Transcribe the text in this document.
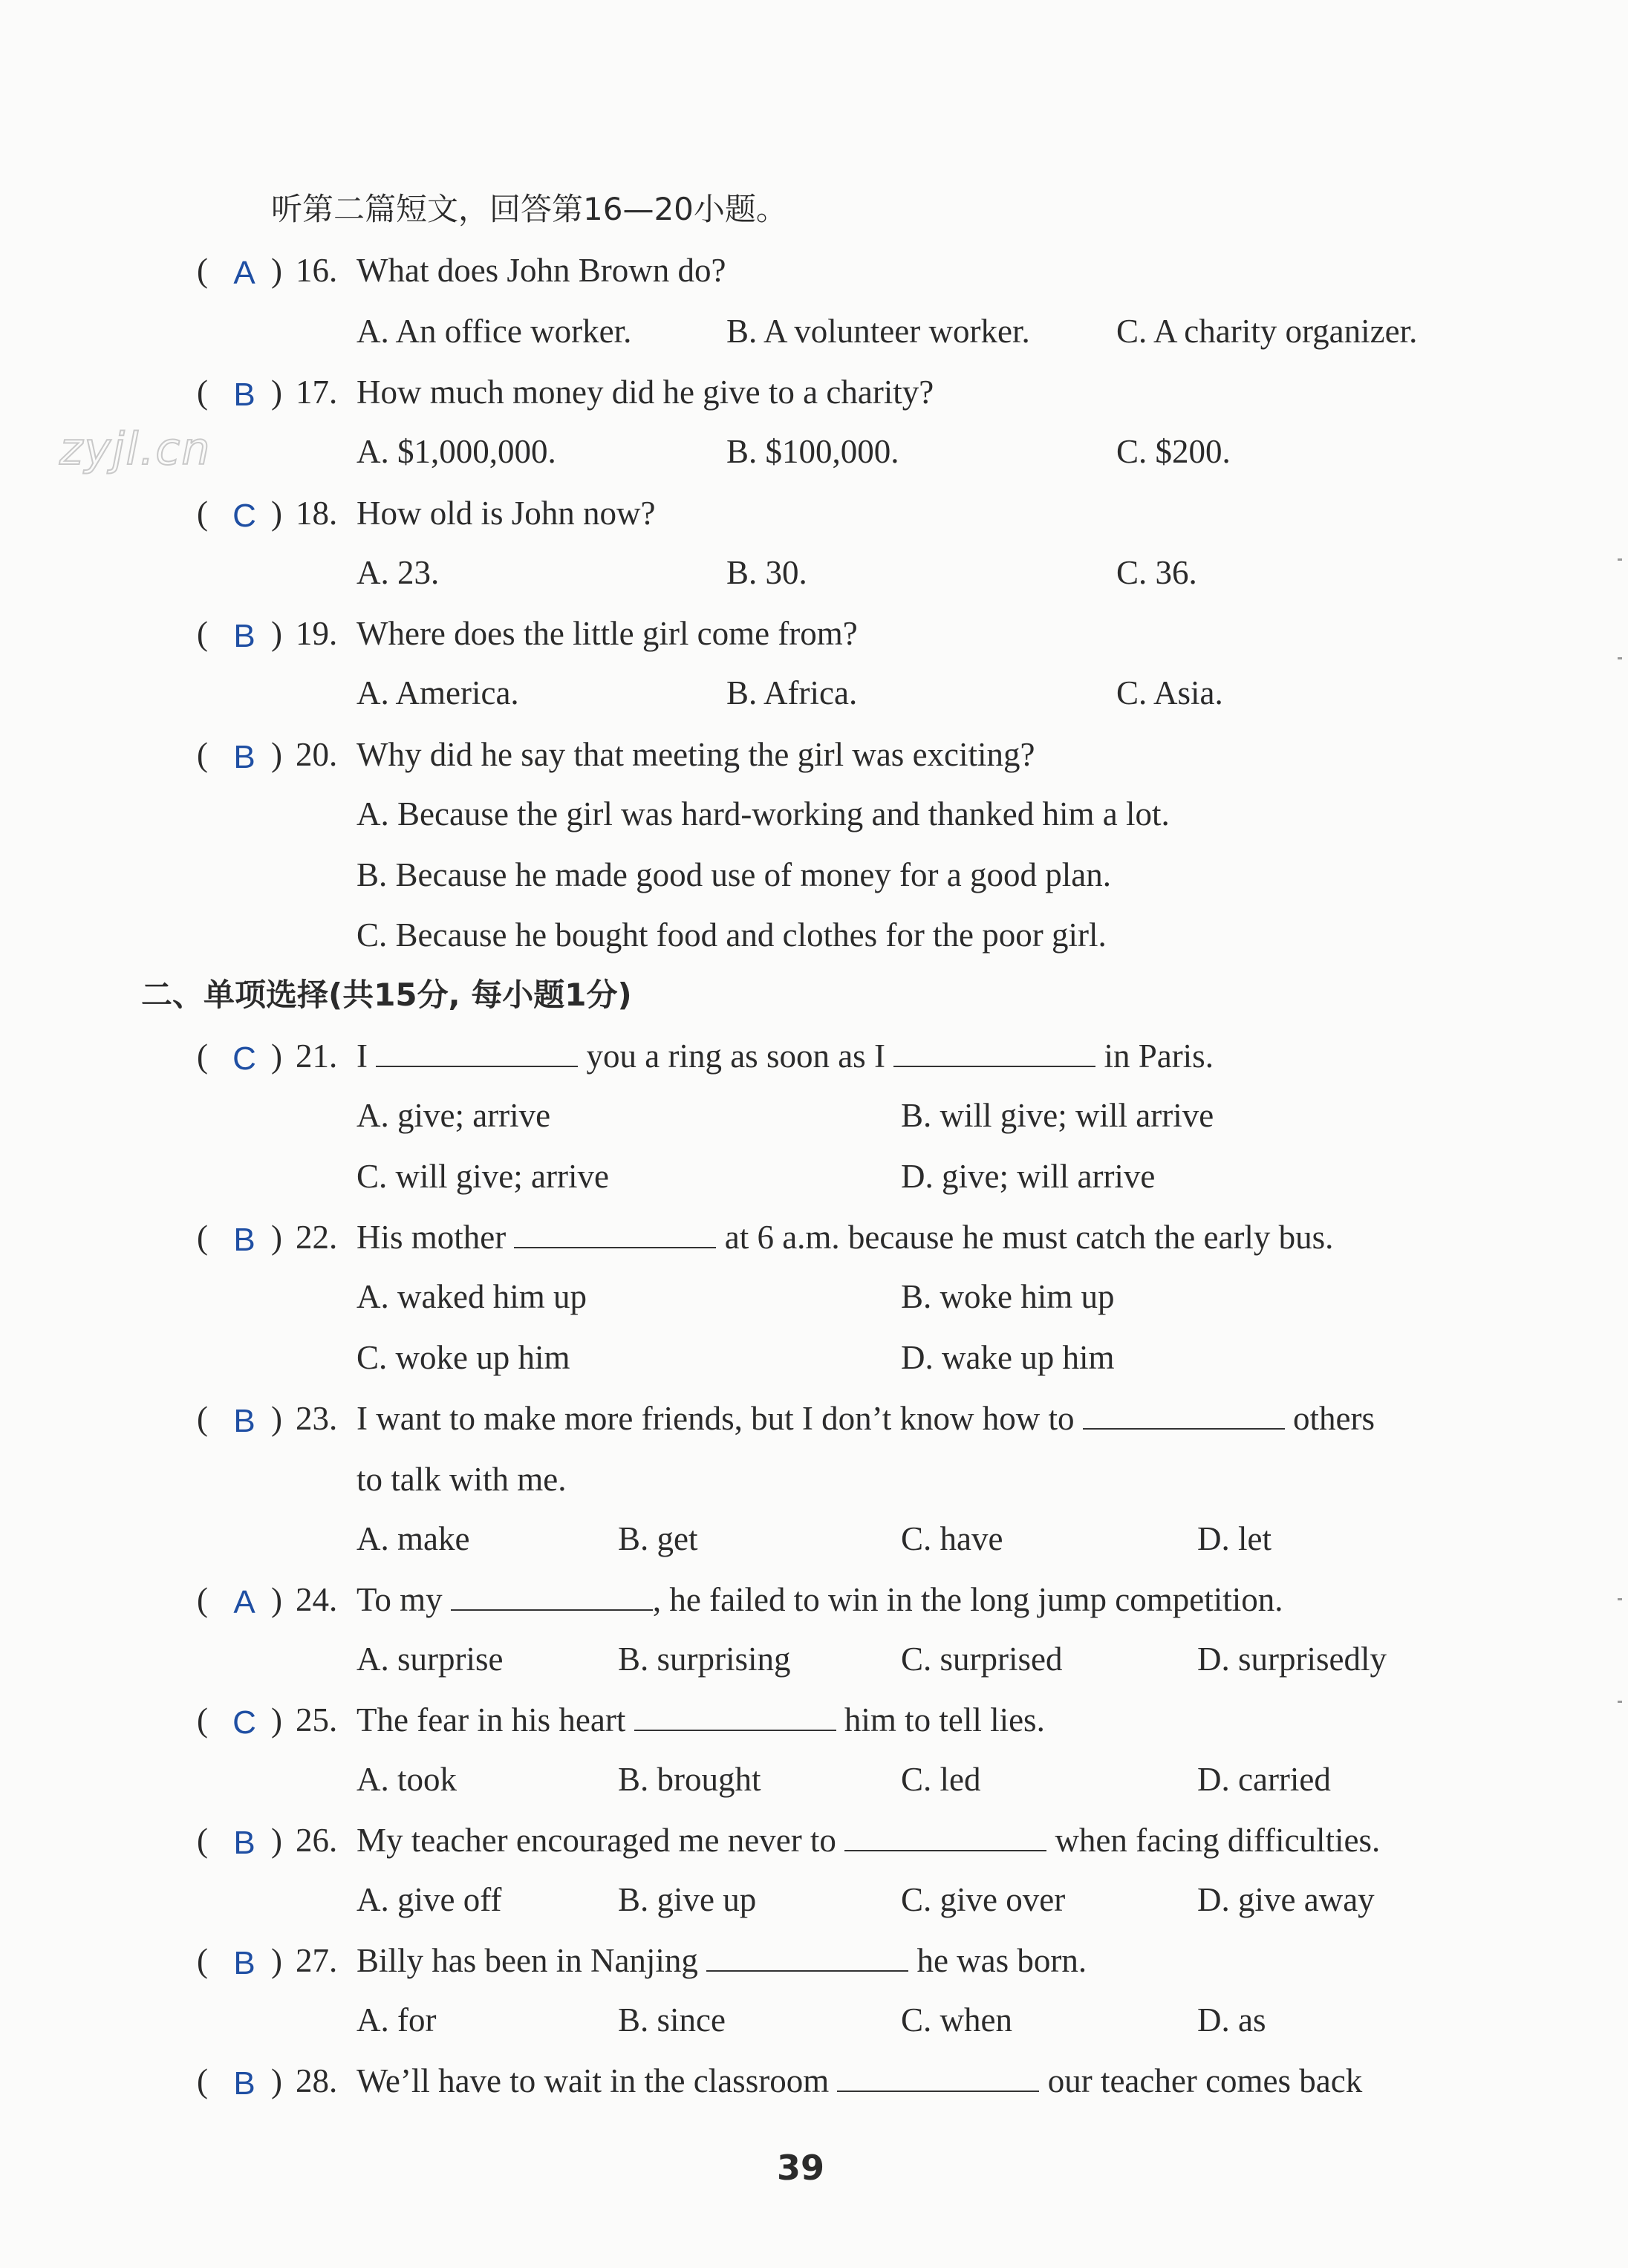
zyjl.cn
听第二篇短文，回答第16—20小题。
( A ) 16. What does John Brown do?
A. An office worker.	B. A volunteer worker.	C. A charity organizer.
( B ) 17. How much money did he give to a charity?
A. $1,000,000.	B. $100,000.	C. $200.
( C ) 18. How old is John now?
A. 23.	B. 30.	C. 36.
( B ) 19. Where does the little girl come from?
A. America.	B. Africa.	C. Asia.
( B ) 20. Why did he say that meeting the girl was exciting?
A. Because the girl was hard-working and thanked him a lot.
B. Because he made good use of money for a good plan.
C. Because he bought food and clothes for the poor girl.
二、单项选择(共15分, 每小题1分)
( C ) 21. I	you a ring as soon as I	in Paris.
A. give; arrive	B. will give; will arrive
C. will give; arrive	D. give; will arrive
( B ) 22. His mother	at 6 a.m. because he must catch the early bus.
A. waked him up	B. woke him up
C. woke up him	D. wake up him
( B ) 23. I want to make more friends, but I don’t know how to	others
to talk with me.
A. make	B. get	C. have	D. let
( A ) 24. To my	, he failed to win in the long jump competition.
A. surprise	B. surprising	C. surprised	D. surprisedly
( C ) 25. The fear in his heart	him to tell lies.
A. took	B. brought	C. led	D. carried
( B ) 26. My teacher encouraged me never to	when facing difficulties.
A. give off	B. give up	C. give over	D. give away
( B ) 27. Billy has been in Nanjing	he was born.
A. for	B. since	C. when	D. as
( B ) 28. We’ll have to wait in the classroom	our teacher comes back
39
